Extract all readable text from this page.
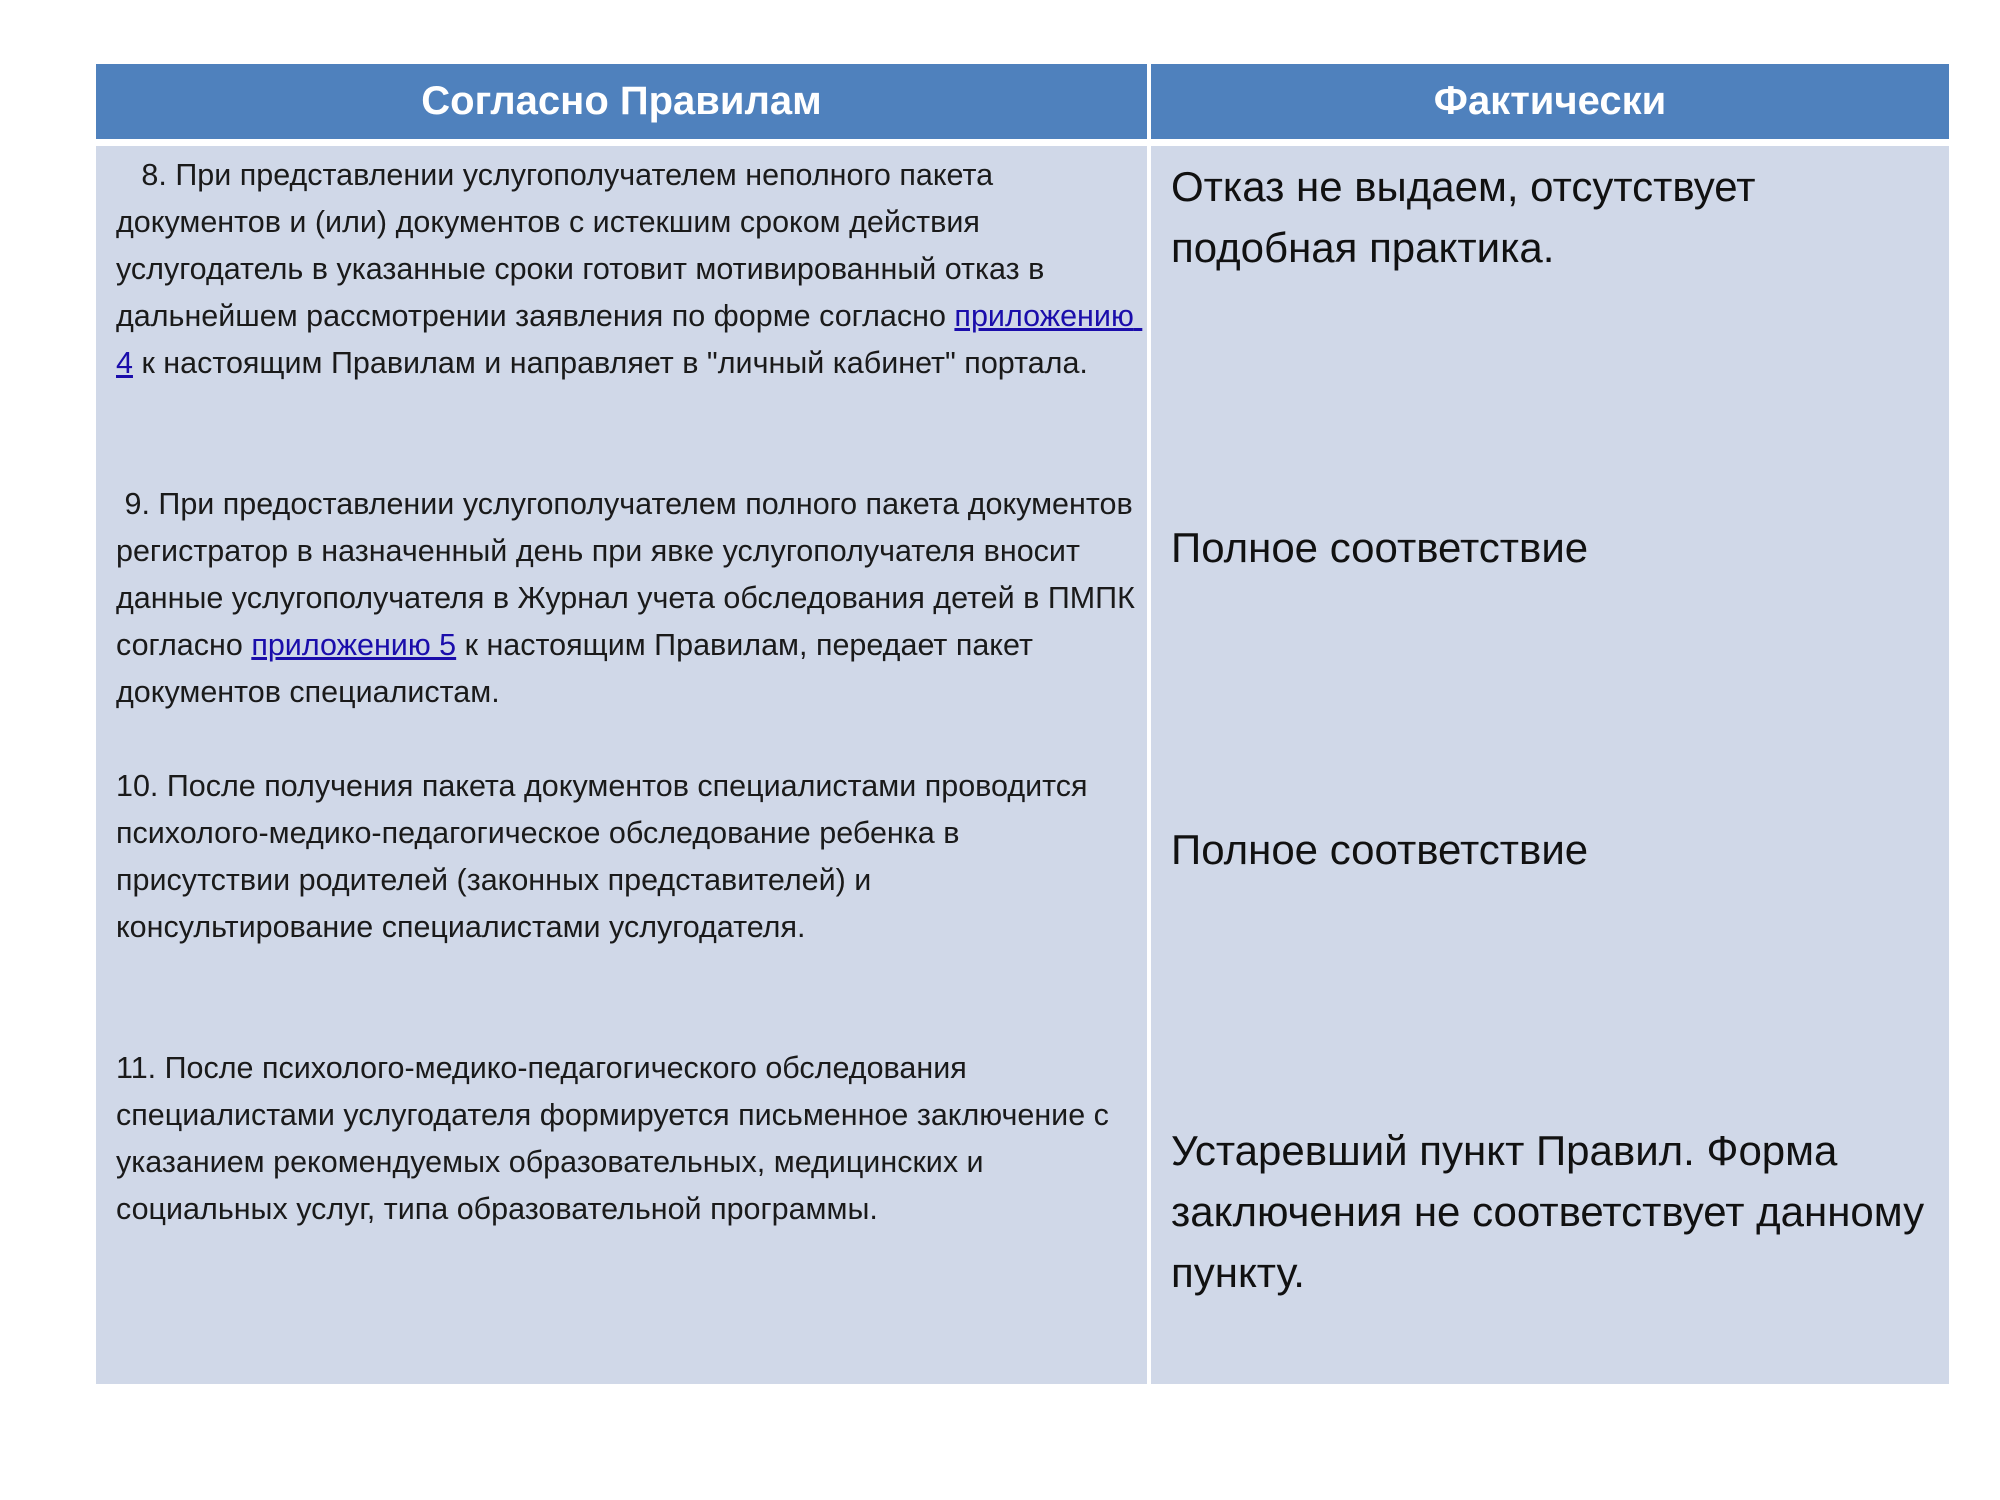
Согласно Правилам	Фактически

8. При представлении услугополучателем неполного пакета документов и (или) документов с истекшим сроком действия услугодатель в указанные сроки готовит мотивированный отказ в дальнейшем рассмотрении заявления по форме согласно приложению 4 к настоящим Правилам и направляет в "личный кабинет" портала.

9. При предоставлении услугополучателем полного пакета документов регистратор в назначенный день при явке услугополучателя вносит данные услугополучателя в Журнал учета обследования детей в ПМПК согласно приложению 5 к настоящим Правилам, передает пакет документов специалистам.

10. После получения пакета документов специалистами проводится психолого-медико-педагогическое обследование ребенка в присутствии родителей (законных представителей) и консультирование специалистами услугодателя.

11. После психолого-медико-педагогического обследования специалистами услугодателя формируется письменное заключение с указанием рекомендуемых образовательных, медицинских и социальных услуг, типа образовательной программы.

Отказ не выдаем, отсутствует подобная практика.

Полное соответствие

Полное соответствие

Устаревший пункт Правил. Форма заключения не соответствует данному пункту.
